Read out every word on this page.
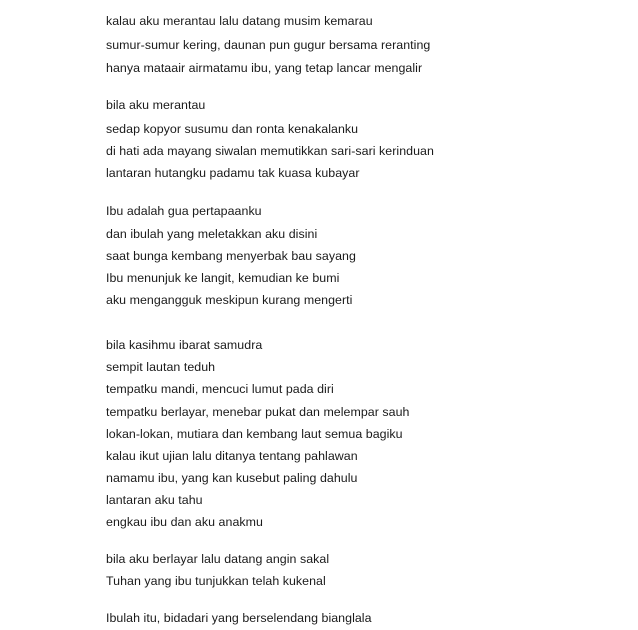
kalau aku merantau lalu datang musim kemarau
sumur-sumur kering, daunan pun gugur bersama reranting
hanya mataair airmatamu ibu, yang tetap lancar mengalir
bila aku merantau
sedap kopyor susumu dan ronta kenakalanku
di hati ada mayang siwalan memutikkan sari-sari kerinduan
lantaran hutangku padamu tak kuasa kubayar
Ibu adalah gua pertapaanku
dan ibulah yang meletakkan aku disini
saat bunga kembang menyerbak bau sayang
Ibu menunjuk ke langit, kemudian ke bumi
aku mengangguk meskipun kurang mengerti
bila kasihmu ibarat samudra
sempit lautan teduh
tempatku mandi, mencuci lumut pada diri
tempatku berlayar, menebar pukat dan melempar sauh
lokan-lokan, mutiara dan kembang laut semua bagiku
kalau ikut ujian lalu ditanya tentang pahlawan
namamu ibu, yang kan kusebut paling dahulu
lantaran aku tahu
engkau ibu dan aku anakmu
bila aku berlayar lalu datang angin sakal
Tuhan yang ibu tunjukkan telah kukenal
Ibulah itu, bidadari yang berselendang bianglala
